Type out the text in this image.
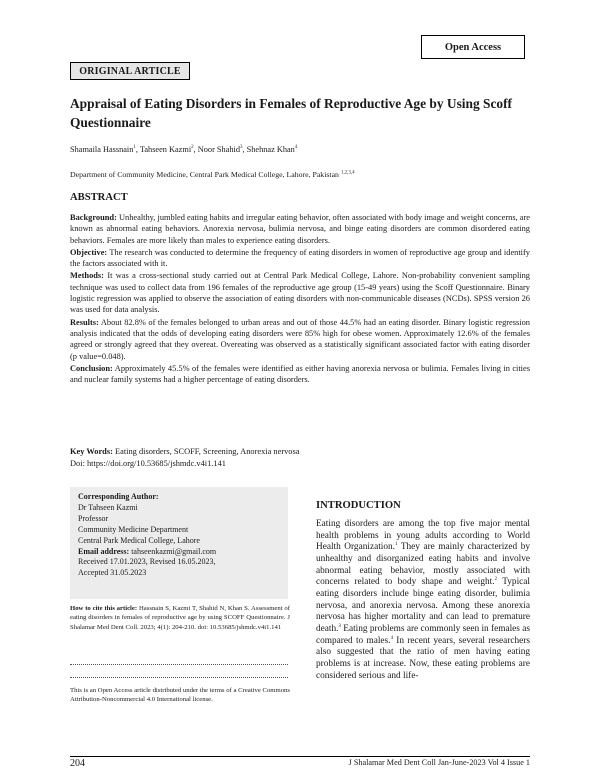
Open Access
ORIGINAL ARTICLE
Appraisal of Eating Disorders in Females of Reproductive Age by Using Scoff Questionnaire
Shamaila Hassnain$^1$, Tahseen Kazmi$^2$, Noor Shahid$^3$, Shehnaz Khan$^4$
Department of Community Medicine, Central Park Medical College, Lahore, Pakistan $^{1,2,3,4}$
ABSTRACT

Background: Unhealthy, jumbled eating habits and irregular eating behavior, often associated with body image and weight concerns, are known as abnormal eating behaviors. Anorexia nervosa, bulimia nervosa, and binge eating disorders are common disordered eating behaviors. Females are more likely than males to experience eating disorders.

Objective: The research was conducted to determine the frequency of eating disorders in women of reproductive age group and identify the factors associated with it.

Methods: It was a cross-sectional study carried out at Central Park Medical College, Lahore. Non-probability convenient sampling technique was used to collect data from 196 females of the reproductive age group (15-49 years) using the Scoff Questionnaire. Binary logistic regression was applied to observe the association of eating disorders with non-communicable diseases (NCDs). SPSS version 26 was used for data analysis.

Results: About 82.8% of the females belonged to urban areas and out of those 44.5% had an eating disorder. Binary logistic regression analysis indicated that the odds of developing eating disorders were 85% high for obese women. Approximately 12.6% of the females agreed or strongly agreed that they overeat. Overeating was observed as a statistically significant associated factor with eating disorder (p value=0.048).

Conclusion: Approximately 45.5% of the females were identified as either having anorexia nervosa or bulimia. Females living in cities and nuclear family systems had a higher percentage of eating disorders.

Key Words: Eating disorders, SCOFF, Screening, Anorexia nervosa
Doi: https://doi.org/10.53685/jshmdc.v4i1.141
Corresponding Author:
Dr Tahseen Kazmi
Professor
Community Medicine Department
Central Park Medical College, Lahore
Email address: tahseenkazmi@gmail.com
Received 17.01.2023, Revised 16.05.2023,
Accepted 31.05.2023
How to cite this article: Hassnain S, Kazmi T, Shahid N, Khan S. Assessment of eating disorders in females of reproductive age by using SCOFF Questionnaire. J Shalamar Med Dent Coll. 2023; 4(1): 204-210. doi: 10.53685/jshmdc.v4i1.141
This is an Open Access article distributed under the terms of a Creative Commons Attribution-Noncommercial 4.0 International license.
INTRODUCTION
Eating disorders are among the top five major mental health problems in young adults according to World Health Organization.$^1$ They are mainly characterized by unhealthy and disorganized eating habits and involve abnormal eating behavior, mostly associated with concerns related to body shape and weight.$^2$ Typical eating disorders include binge eating disorder, bulimia nervosa, and anorexia nervosa. Among these anorexia nervosa has higher mortality and can lead to premature death.$^3$ Eating problems are commonly seen in females as compared to males.$^4$ In recent years, several researchers also suggested that the ratio of men having eating problems is at increase. Now, these eating problems are considered serious and life-
204	J Shalamar Med Dent Coll Jan-June-2023 Vol 4 Issue 1
